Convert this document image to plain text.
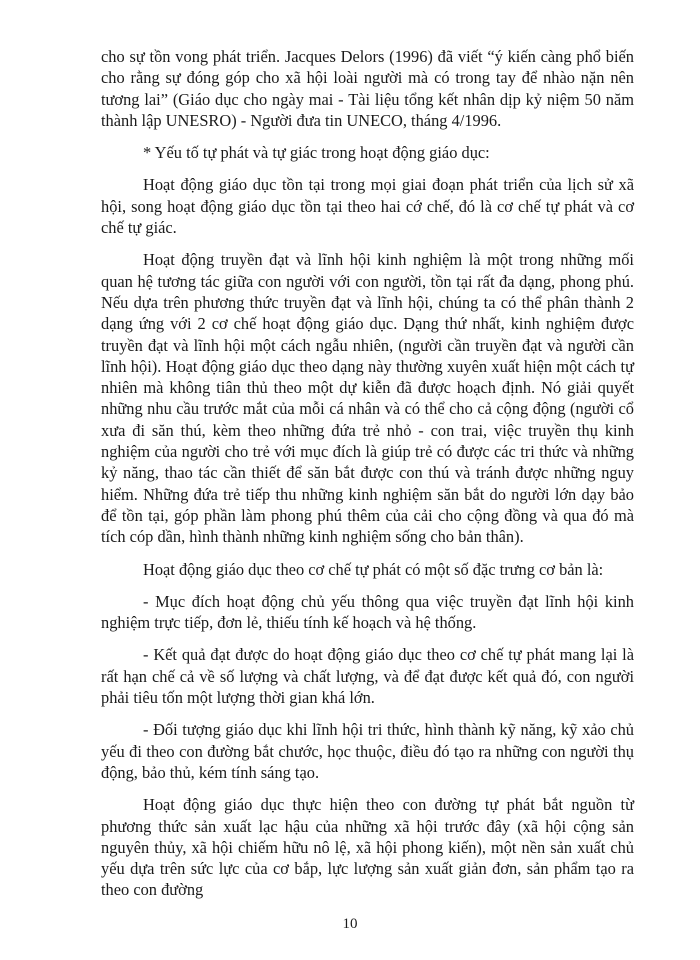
cho sự tồn vong phát triển. Jacques Delors (1996) đã viết “ý kiến càng phổ biến cho rằng sự đóng góp cho xã hội loài người mà có trong tay để nhào nặn nên tương lai” (Giáo dục cho ngày mai - Tài liệu tổng kết nhân dịp kỷ niệm 50 năm thành lập UNESRO) - Người đưa tin UNECO, tháng 4/1996.

* Yếu tố tự phát và tự giác trong hoạt động giáo dục:

Hoạt động giáo dục tồn tại trong mọi giai đoạn phát triển của lịch sử xã hội, song hoạt động giáo dục tồn tại theo hai cớ chế, đó là cơ chế tự phát và cơ chế tự giác.

Hoạt động truyền đạt và lĩnh hội kinh nghiệm là một trong những mối quan hệ tương tác giữa con người với con người, tồn tại rất đa dạng, phong phú. Nếu dựa trên phương thức truyền đạt và lĩnh hội, chúng ta có thể phân thành 2 dạng ứng với 2 cơ chế hoạt động giáo dục. Dạng thứ nhất, kinh nghiệm được truyền đạt và lĩnh hội một cách ngẫu nhiên, (người cần truyền đạt và người cần lĩnh hội). Hoạt động giáo dục theo dạng này thường xuyên xuất hiện một cách tự nhiên mà không tiân thủ theo một dự kiễn đã được hoạch định. Nó giải quyết những nhu cầu trước mắt của mỗi cá nhân và có thể cho cả cộng động (người cổ xưa đi săn thú, kèm theo những đứa trẻ nhỏ - con trai, việc truyền thụ kinh nghiệm của người cho trẻ với mục đích là giúp trẻ có được các tri thức và những kỷ năng, thao tác cần thiết để săn bắt được con thú và tránh được những nguy hiểm. Những đứa trẻ tiếp thu những kinh nghiệm săn bắt do người lớn dạy bảo để tồn tại, góp phần làm phong phú thêm của cải cho cộng đồng và qua đó mà tích cóp dần, hình thành những kinh nghiệm sống cho bản thân).

Hoạt động giáo dục theo cơ chế tự phát có một số đặc trưng cơ bản là:

- Mục đích hoạt động chủ yếu thông qua việc truyền đạt lĩnh hội kinh nghiệm trực tiếp, đơn lẻ, thiếu tính kế hoạch và hệ thống.

- Kết quả đạt được do hoạt động giáo dục theo cơ chế tự phát mang lại là rất hạn chế cả về số lượng và chất lượng, và để đạt được kết quả đó, con người phải tiêu tốn một lượng thời gian khá lớn.

- Đối tượng giáo dục khi lĩnh hội tri thức, hình thành kỹ năng, kỹ xảo chủ yếu đi theo con đường bắt chước, học thuộc, điều đó tạo ra những con người thụ động, bảo thủ, kém tính sáng tạo.

Hoạt động giáo dục thực hiện theo con đường tự phát bắt nguồn từ phương thức sản xuất lạc hậu của những xã hội trước đây (xã hội cộng sản nguyên thủy, xã hội chiếm hữu nô lệ, xã hội phong kiến), một nền sản xuất chủ yếu dựa trên sức lực của cơ bắp, lực lượng sản xuất giản đơn, sản phẩm tạo ra theo con đường

10
